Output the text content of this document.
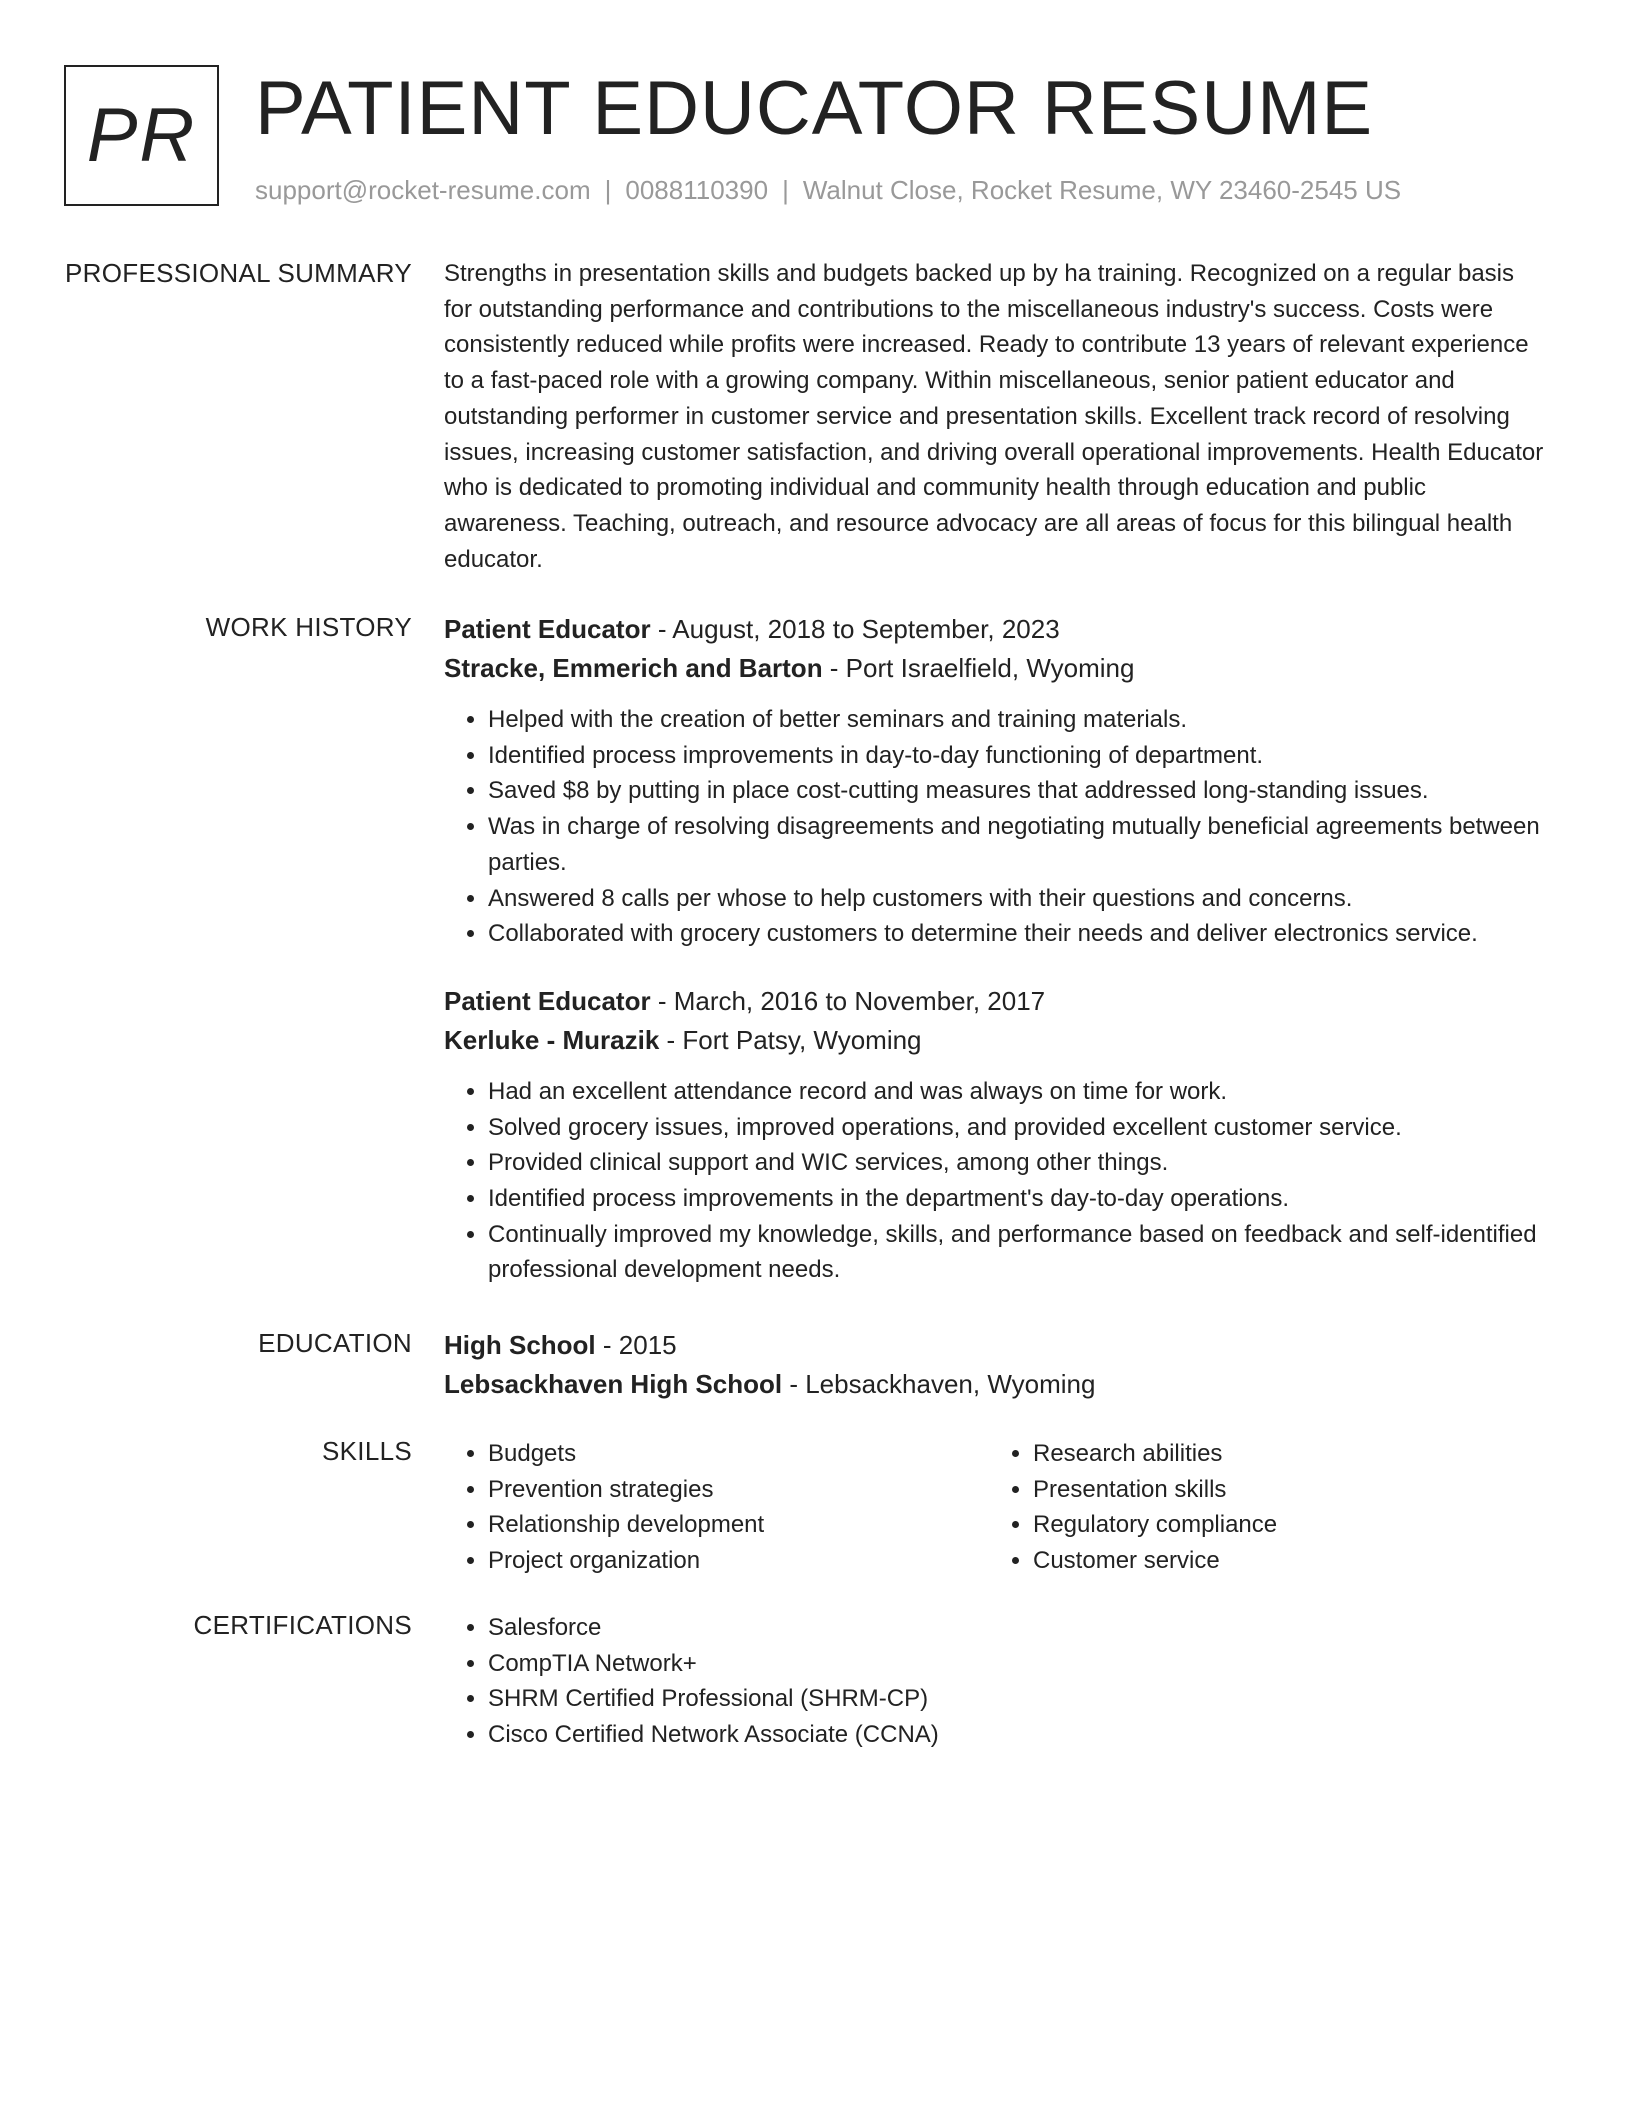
PR PATIENT EDUCATOR RESUME
support@rocket-resume.com | 0088110390 | Walnut Close, Rocket Resume, WY 23460-2545 US
PROFESSIONAL SUMMARY Strengths in presentation skills and budgets backed up by ha training. Recognized on a regular basis for outstanding performance and contributions to the miscellaneous industry's success. Costs were consistently reduced while profits were increased. Ready to contribute 13 years of relevant experience to a fast-paced role with a growing company. Within miscellaneous, senior patient educator and outstanding performer in customer service and presentation skills. Excellent track record of resolving issues, increasing customer satisfaction, and driving overall operational improvements. Health Educator who is dedicated to promoting individual and community health through education and public awareness. Teaching, outreach, and resource advocacy are all areas of focus for this bilingual health educator.

WORK HISTORY Patient Educator - August, 2018 to September, 2023
Stracke, Emmerich and Barton - Port Israelfield, Wyoming
• Helped with the creation of better seminars and training materials.
• Identified process improvements in day-to-day functioning of department.
• Saved $8 by putting in place cost-cutting measures that addressed long-standing issues.
• Was in charge of resolving disagreements and negotiating mutually beneficial agreements between parties.
• Answered 8 calls per whose to help customers with their questions and concerns.
• Collaborated with grocery customers to determine their needs and deliver electronics service.
Patient Educator - March, 2016 to November, 2017
Kerluke - Murazik - Fort Patsy, Wyoming
• Had an excellent attendance record and was always on time for work.
• Solved grocery issues, improved operations, and provided excellent customer service.
• Provided clinical support and WIC services, among other things.
• Identified process improvements in the department's day-to-day operations.
• Continually improved my knowledge, skills, and performance based on feedback and self-identified professional development needs.
EDUCATION High School - 2015
Lebsackhaven High School - Lebsackhaven, Wyoming
SKILLS	• Budgets
• Prevention strategies
• Relationship development
• Project organization
• Research abilities
• Presentation skills
• Regulatory compliance
• Customer service
CERTIFICATIONS	• Salesforce
• CompTIA Network+
• SHRM Certified Professional (SHRM-CP)
• Cisco Certified Network Associate (CCNA)
